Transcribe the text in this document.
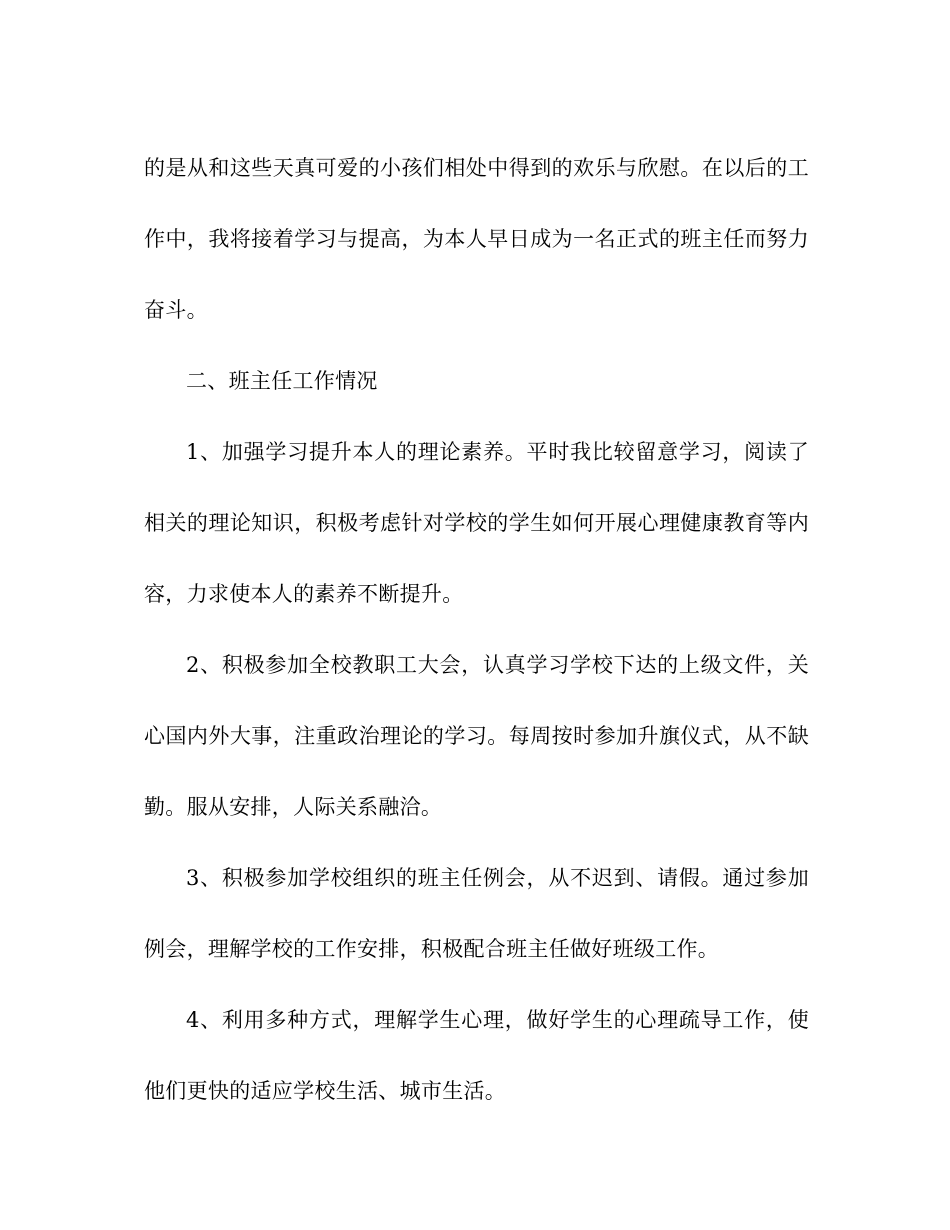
的是从和这些天真可爱的小孩们相处中得到的欢乐与欣慰。在以后的工作中，我将接着学习与提高，为本人早日成为一名正式的班主任而努力奋斗。

二、班主任工作情况

1、加强学习提升本人的理论素养。平时我比较留意学习，阅读了相关的理论知识，积极考虑针对学校的学生如何开展心理健康教育等内容，力求使本人的素养不断提升。

2、积极参加全校教职工大会，认真学习学校下达的上级文件，关心国内外大事，注重政治理论的学习。每周按时参加升旗仪式，从不缺勤。服从安排，人际关系融洽。

3、积极参加学校组织的班主任例会，从不迟到、请假。通过参加例会，理解学校的工作安排，积极配合班主任做好班级工作。

4、利用多种方式，理解学生心理，做好学生的心理疏导工作，使他们更快的适应学校生活、城市生活。
